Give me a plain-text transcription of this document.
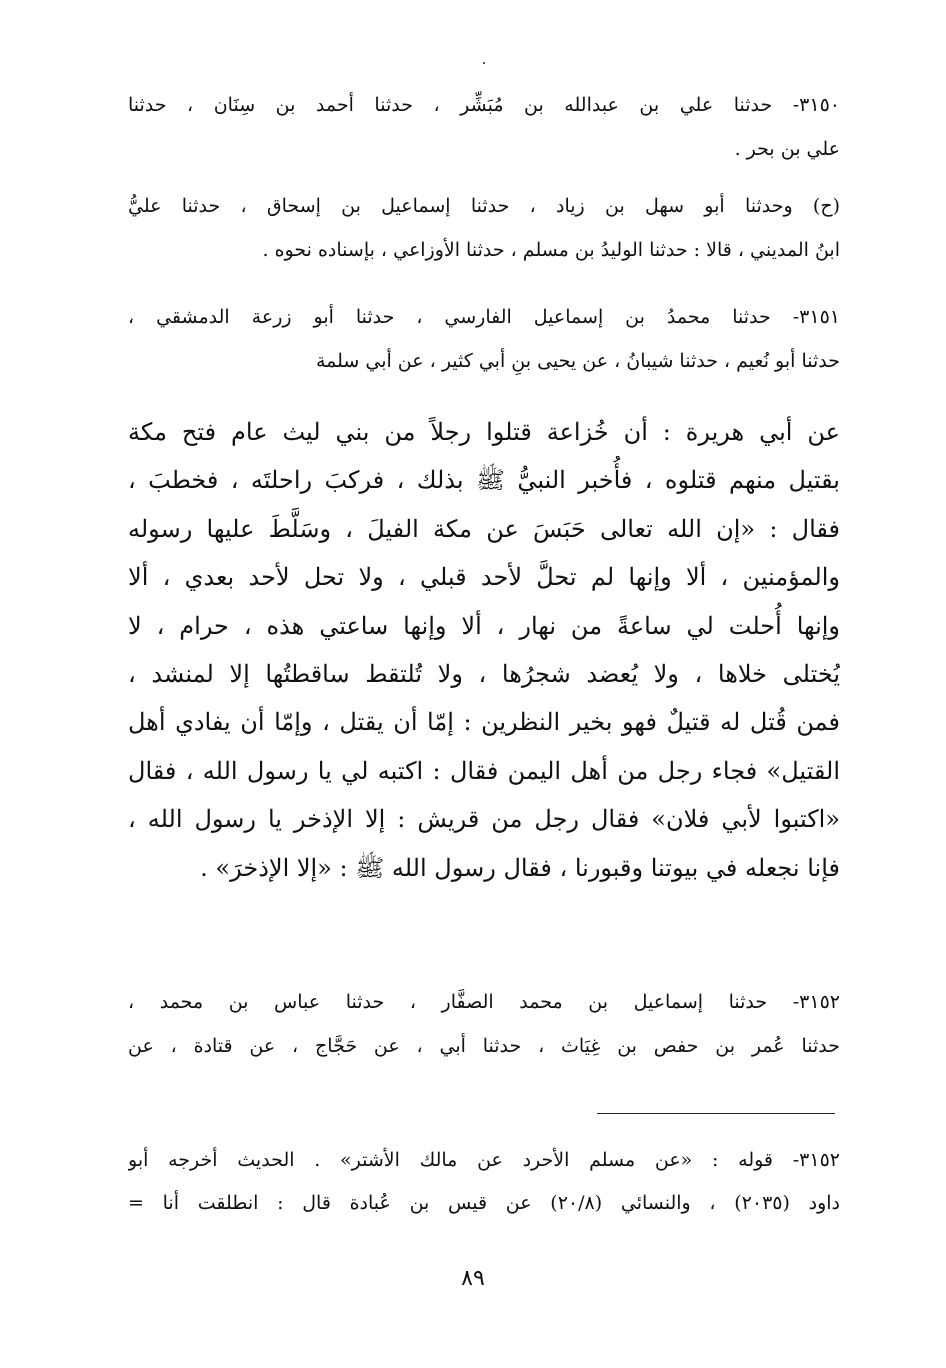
٣١٥٠- حدثنا علي بن عبدالله بن مُبَشِّر ، حدثنا أحمد بن سِنَان ، حدثنا
علي بن بحر .
(ح) وحدثنا أبو سهل بن زياد ، حدثنا إسماعيل بن إسحاق ، حدثنا عليُّ
ابنُ المديني ، قالا : حدثنا الوليدُ بن مسلم ، حدثنا الأوزاعي ، بإسناده نحوه .
٣١٥١- حدثنا محمدُ بن إسماعيل الفارسي ، حدثنا أبو زرعة الدمشقي ،
حدثنا أبو نُعيم ، حدثنا شيبانُ ، عن يحيى بنِ أبي كثير ، عن أبي سلمة
عن أبي هريرة : أن خُزاعة قتلوا رجلاً من بني ليث عام فتح مكة
بقتيل منهم قتلوه ، فأُخبر النبيُّ ﷺ بذلك ، فركبَ راحلتَه ، فخطبَ ،
فقال : «إن الله تعالى حَبَسَ عن مكة الفيلَ ، وسَلَّطَ عليها رسوله
والمؤمنين ، ألا وإنها لم تحلَّ لأحد قبلي ، ولا تحل لأحد بعدي ، ألا
وإنها أُحلت لي ساعةً من نهار ، ألا وإنها ساعتي هذه ، حرام ، لا
يُختلى خلاها ، ولا يُعضد شجرُها ، ولا تُلتقط ساقطتُها إلا لمنشد ،
فمن قُتل له قتيلٌ فهو بخير النظرين : إمّا أن يقتل ، وإمّا أن يفادي أهل
القتيل» فجاء رجل من أهل اليمن فقال : اكتبه لي يا رسول الله ، فقال
«اكتبوا لأبي فلان» فقال رجل من قريش : إلا الإذخر يا رسول الله ،
فإنا نجعله في بيوتنا وقبورنا ، فقال رسول الله ﷺ : «إلا الإذخرَ» .
٣١٥٢- حدثنا إسماعيل بن محمد الصفَّار ، حدثنا عباس بن محمد ،
حدثنا عُمر بن حفص بن غِيَاث ، حدثنا أبي ، عن حَجَّاج ، عن قتادة ، عن
٣١٥٢- قوله : «عن مسلم الأحرد عن مالك الأشتر» . الحديث أخرجه أبو
داود (٢٠٣٥) ، والنسائي (٢٠/٨) عن قيس بن عُبادة قال : انطلقت أنا =
٨٩
